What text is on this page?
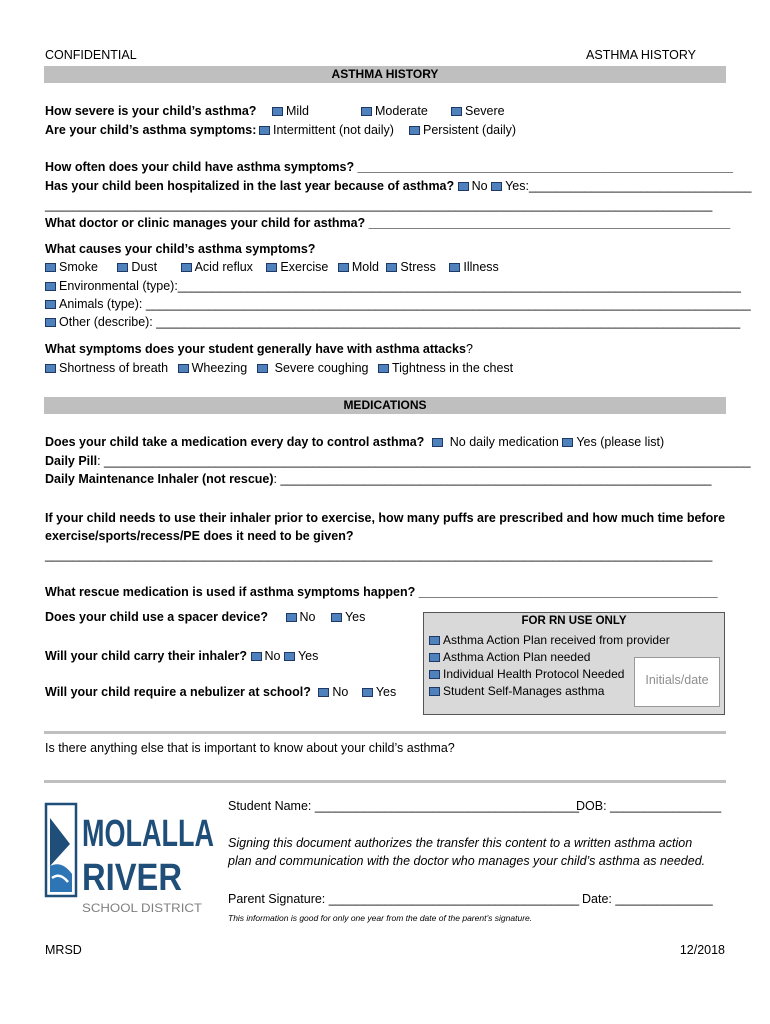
CONFIDENTIAL	ASTHMA HISTORY
ASTHMA HISTORY
How severe is your child’s asthma?	Mild	Moderate	Severe
Are your child’s asthma symptoms:	Intermittent (not daily)	Persistent (daily)
How often does your child have asthma symptoms? ______________________________________________________
Has your child been hospitalized in the last year because of asthma? No Yes:________________________________
________________________________________________________________________________________________
What doctor or clinic manages your child for asthma? ____________________________________________________
What causes your child’s asthma symptoms?
Smoke	Dust	Acid reflux Exercise Mold Stress Illness
Environmental (type):_________________________________________________________________________________
Animals (type): _______________________________________________________________________________________
Other (describe): ____________________________________________________________________________________
What symptoms does your student generally have with asthma attacks?
Shortness of breath Wheezing Severe coughing Tightness in the chest
MEDICATIONS
Does your child take a medication every day to control asthma? No daily medication Yes (please list)
Daily Pill: _____________________________________________________________________________________________
Daily Maintenance Inhaler (not rescue): ______________________________________________________________
If your child needs to use their inhaler prior to exercise, how many puffs are prescribed and how much time before
exercise/sports/recess/PE does it need to be given?
________________________________________________________________________________________________
What rescue medication is used if asthma symptoms happen? ___________________________________________
Does your child use a spacer device?	No Yes
Will your child carry their inhaler? No Yes
Will your child require a nebulizer at school? No Yes
FOR RN USE ONLY
Asthma Action Plan received from provider
Asthma Action Plan needed
Individual Health Protocol Needed
Student Self-Manages asthma
Initials/date
Is there anything else that is important to know about your child’s asthma?
MOLALLA
RIVER
SCHOOL DISTRICT
Student Name: ______________________________________
DOB: ________________
Signing this document authorizes the transfer this content to a written asthma action
plan and communication with the doctor who manages your child’s asthma as needed.
Parent Signature: ____________________________________ Date: ______________
This information is good for only one year from the date of the parent’s signature.
MRSD	12/2018
